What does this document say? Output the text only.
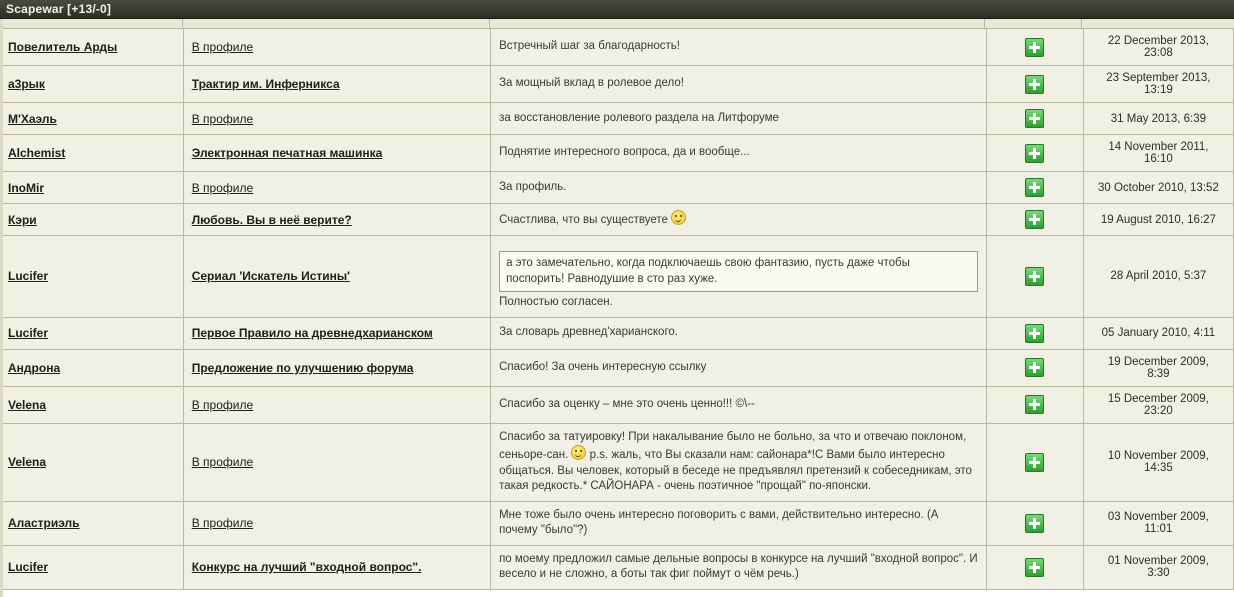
Scapewar [+13/-0]
Повелитель Арды	В профиле	Встречный шаг за благодарность!		22 December 2013,
23:08

а3рык	Трактир им. Инферникса	За мощный вклад в ролевое дело!		23 September 2013,
13:19

М'Хаэль	В профиле	за восстановление ролевого раздела на Литфоруме		31 May 2013, 6:39

Alchemist	Электронная печатная машинка	Поднятие интересного вопроса, да и вообще...		14 November 2011,
16:10

InoMir	В профиле	За профиль.		30 October 2010, 13:52

Кэри	Любовь. Вы в неё верите?	Счастлива, что вы существуете		19 August 2010, 16:27

Lucifer	Сериал 'Искатель Истины'	а это замечательно, когда подключаешь свою фантазию, пусть даже чтобы поспорить! Равнодушие в сто раз хуже.
Полностью согласен.		28 April 2010, 5:37

Lucifer	Первое Правило на древнедхарианском	За словарь древнед'харианского.		05 January 2010, 4:11

Андрона	Предложение по улучшению форума	Спасибо! За очень интересную ссылку		19 December 2009,
8:39

Velena	В профиле	Спасибо за оценку – мне это очень ценно!!! ©\--		15 December 2009,
23:20

Velena	В профиле	Спасибо за татуировку! При накалывание было не больно, за что и отвечаю поклоном, сеньоре-сан.  p.s. жаль, что Вы сказали нам: сайонара*!С Вами было интересно общаться. Вы человек, который в беседе не предъявлял претензий к собеседникам, это такая редкость.* САЙОНАРА - очень поэтичное "прощай" по-японски.		10 November 2009,
14:35

Аластриэль	В профиле	Мне тоже было очень интересно поговорить с вами, действительно интересно. (А почему "было"?)		03 November 2009,
11:01

Lucifer	Конкурс на лучший "входной вопрос".	по моему предложил самые дельные вопросы в конкурсе на лучший "входной вопрос". И весело и не сложно, а боты так фиг поймут о чём речь.)		01 November 2009,
3:30
